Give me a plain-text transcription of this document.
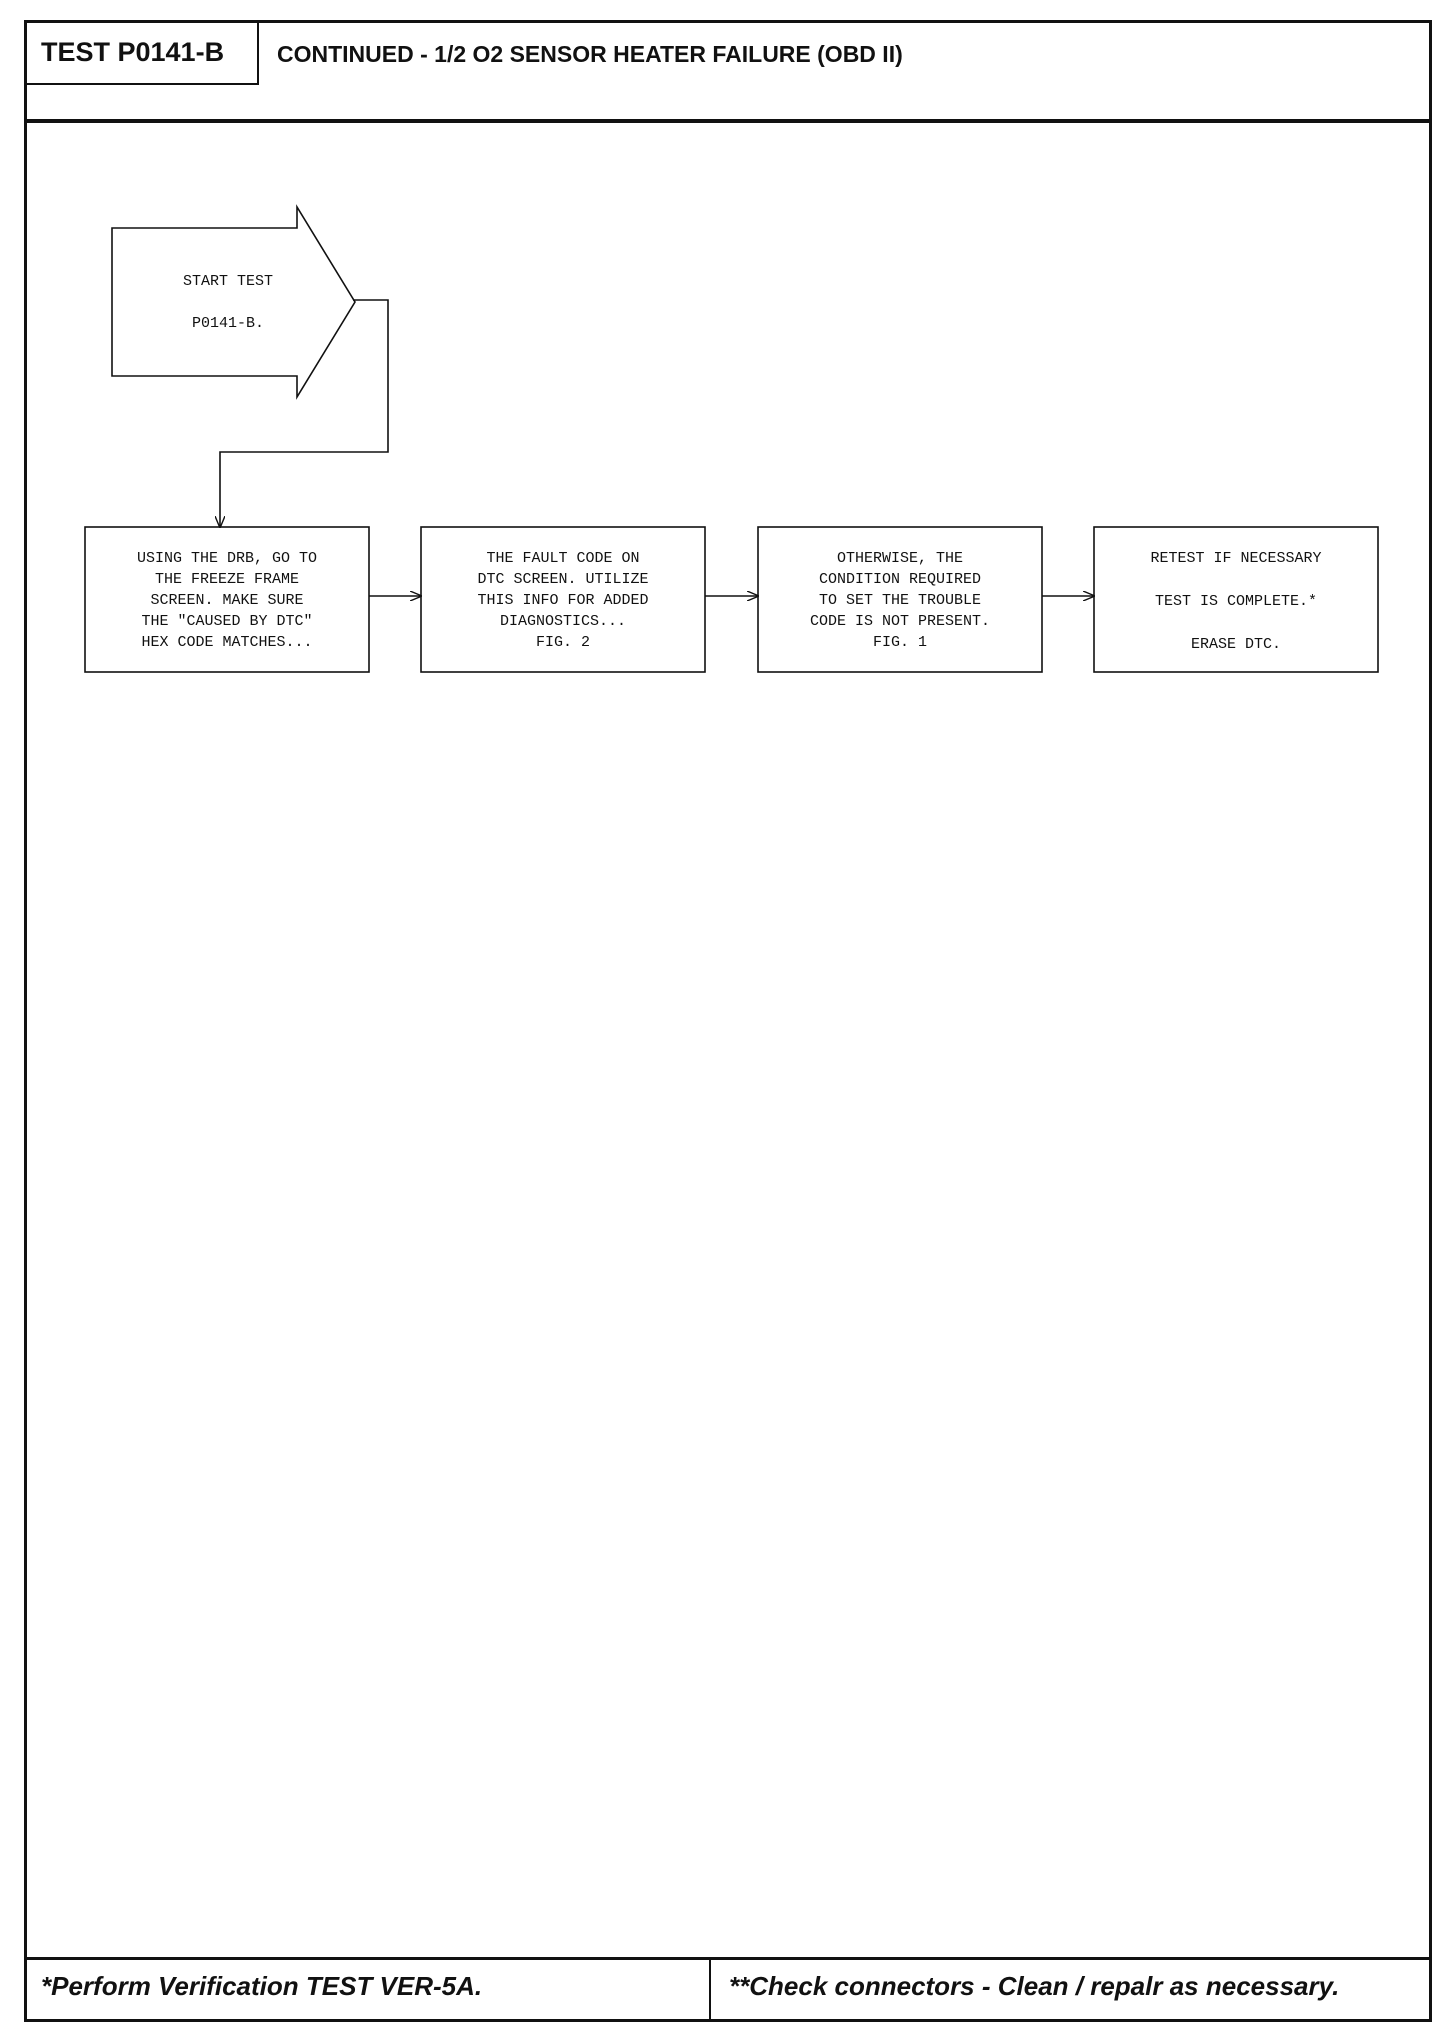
TEST P0141-B	CONTINUED - 1/2 O2 SENSOR HEATER FAILURE (OBD II)
*Perform Verification TEST VER-5A.	**Check connectors - Clean / repalr as necessary.
START TEST
P0141-B.
USING THE DRB, GO TO
THE FREEZE FRAME
SCREEN. MAKE SURE
THE "CAUSED BY DTC"
HEX CODE MATCHES...
THE FAULT CODE ON
DTC SCREEN. UTILIZE
THIS INFO FOR ADDED
DIAGNOSTICS...
FIG. 2
OTHERWISE, THE
CONDITION REQUIRED
TO SET THE TROUBLE
CODE IS NOT PRESENT.
FIG. 1
RETEST IF NECESSARY
TEST IS COMPLETE.*
ERASE DTC.
